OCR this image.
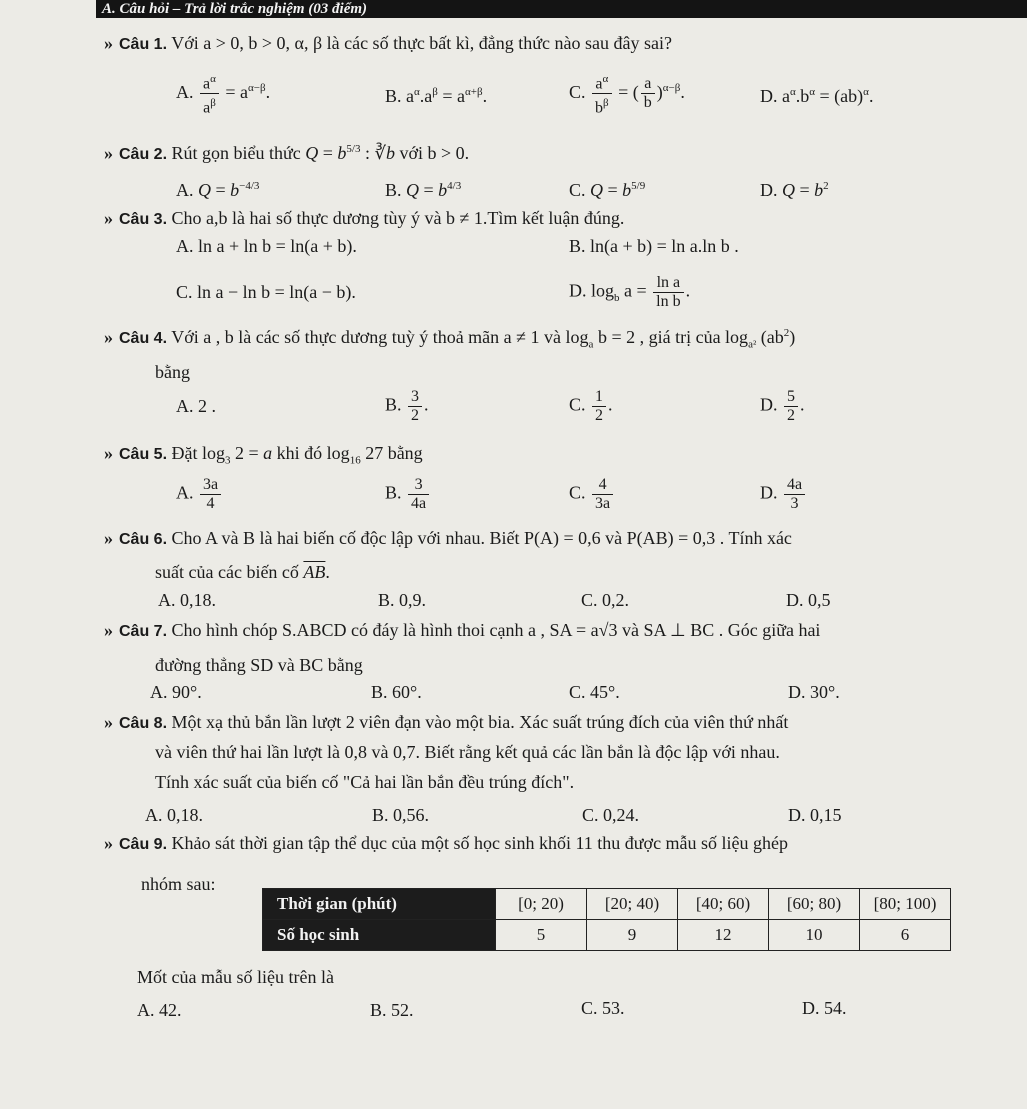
A. Câu hỏi – Trả lời trắc nghiệm (03 điểm)
» Câu 1. Với a > 0, b > 0, α, β là các số thực bất kì, đẳng thức nào sau đây sai?
A. $\frac{a^\alpha}{a^\beta} = a^{\alpha-\beta}$.	B. $a^\alpha.a^\beta = a^{\alpha+\beta}$.	C. $\frac{a^\alpha}{b^\beta}$ = ( $\frac{a}{b} )^{\alpha-\beta}$.	D. $a^\alpha.b^\alpha = (ab)^\alpha$.
» Câu 2. Rút gọn biểu thức $Q = b^{5/3}$ : ∛b với b > 0.
A. $Q = b^{-4/3}$	B. $Q = b^{4/3}$	C. $Q = b^{5/9}$	D. $Q = b^2$
» Câu 3. Cho a,b là hai số thực dương tùy ý và b ≠ 1.Tìm kết luận đúng.
A. ln a + ln b = ln(a + b).	B. ln(a + b) = ln a.ln b .
C. ln a − ln b = ln(a − b).	D. $\log_b a = \frac{\text{ln a}}{\text{ln b}}$ .
» Câu 4. Với a , b là các số thực dương tuỳ ý thoả mãn a ≠ 1 và $\log_a b = 2$ , giá trị của $\log_{a^2} (ab^2)$
bằng
A. 2 .	B. $\frac{3}{2}$ .	C. $\frac{1}{2}$ .	D. $\frac{5}{2}$ .
» Câu 5. Đặt $\log_3 2 = a$ khi đó $\log_{16} 27$ bằng
A. $\frac{3a}{4}$	B. $\frac{3}{4a}$	C. $\frac{4}{3a}$	D. $\frac{4a}{3}$
» Câu 6. Cho A và B là hai biến cố độc lập với nhau. Biết P(A) = 0,6 và P(AB) = 0,3 . Tính xác
suất của các biến cố $\overline{AB}$.
A. 0,18.	B. 0,9.	C. 0,2.	D. 0,5
» Câu 7. Cho hình chóp S.ABCD có đáy là hình thoi cạnh a , SA = a√3 và SA ⊥ BC . Góc giữa hai
đường thẳng SD và BC bằng
A. 90°.	B. 60°.	C. 45°.	D. 30°.
» Câu 8. Một xạ thủ bắn lần lượt 2 viên đạn vào một bia. Xác suất trúng đích của viên thứ nhất
và viên thứ hai lần lượt là 0,8 và 0,7. Biết rằng kết quả các lần bắn là độc lập với nhau.
Tính xác suất của biến cố "Cả hai lần bắn đều trúng đích".
A. 0,18.	B. 0,56.	C. 0,24.	D. 0,15
» Câu 9. Khảo sát thời gian tập thể dục của một số học sinh khối 11 thu được mẫu số liệu ghép
nhóm sau:
Thời gian (phút)	[0; 20)	[20; 40)	[40; 60)	[60; 80)	[80; 100)
Số học sinh	5	9	12	10	6
Mốt của mẫu số liệu trên là
A. 42.	B. 52.	C. 53.	D. 54.
